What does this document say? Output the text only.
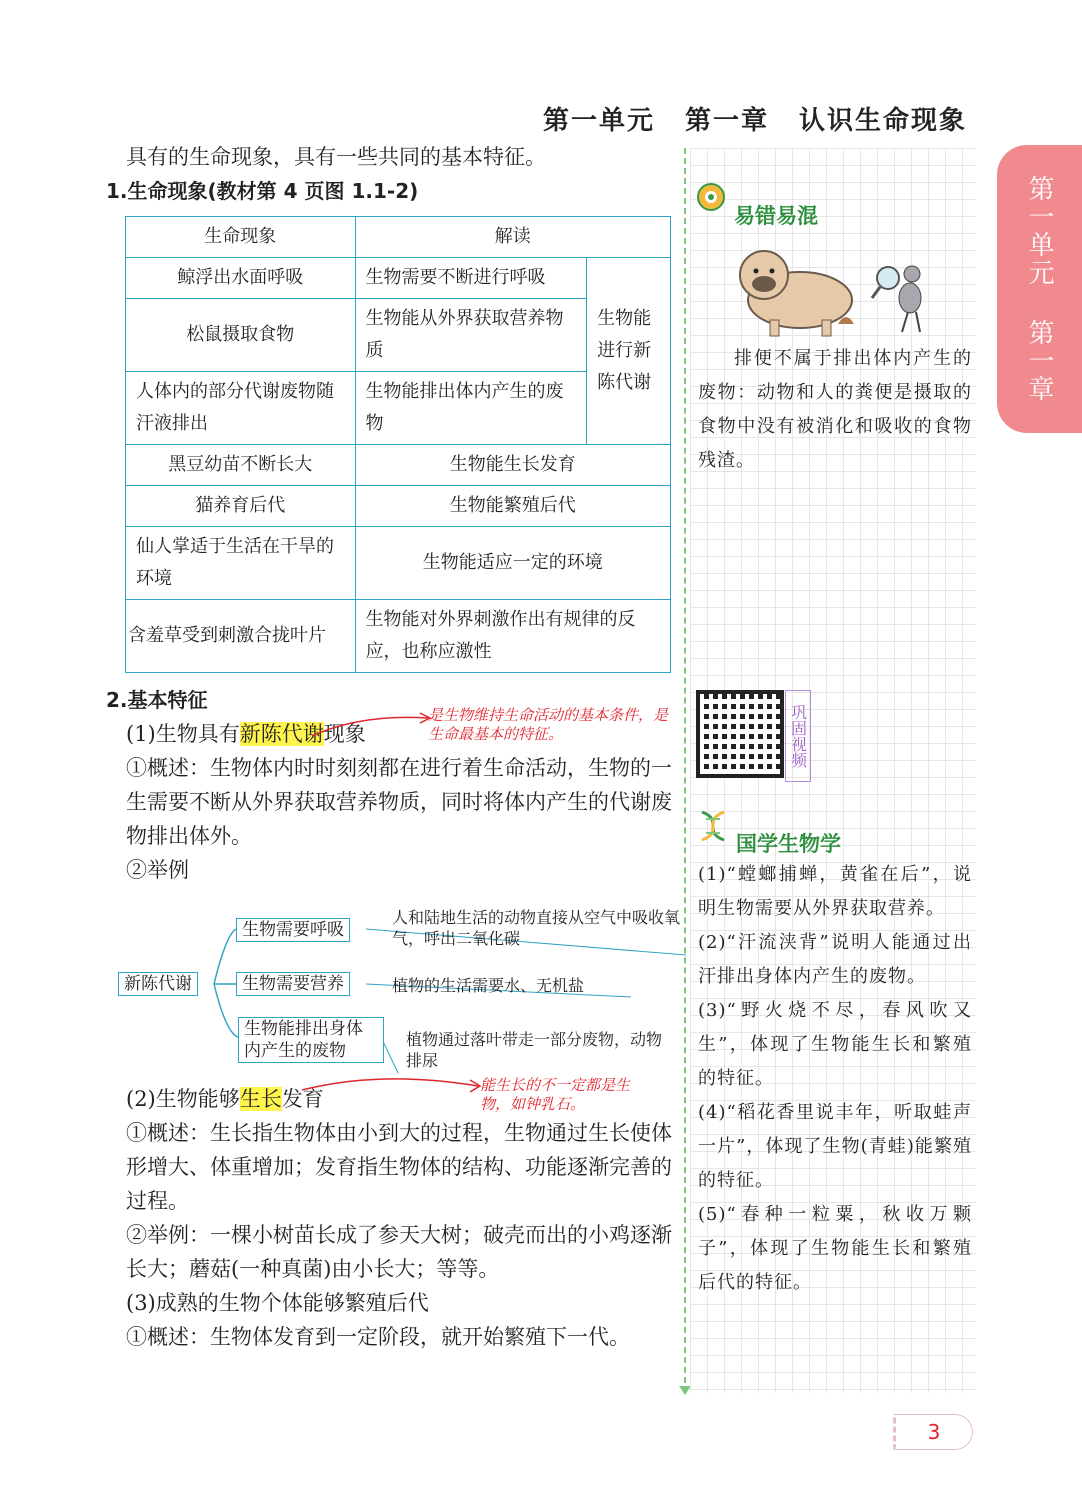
第一单元 第一章 认识生命现象
具有的生命现象，具有一些共同的基本特征。
1.生命现象(教材第 4 页图 1.1-2)
生命现象	解读	
鲸浮出水面呼吸	生物需要不断进行呼吸	生物能进行新陈代谢
松鼠摄取食物	生物能从外界获取营养物质	
人体内的部分代谢废物随汗液排出	生物能排出体内产生的废物	
黑豆幼苗不断长大	生物能生长发育	
猫养育后代	生物能繁殖后代	
仙人掌适于生活在干旱的环境	生物能适应一定的环境	
含羞草受到刺激合拢叶片	生物能对外界刺激作出有规律的反应，也称应激性	
2.基本特征
(1)生物具有新陈代谢现象
①概述：生物体内时时刻刻都在进行着生命活动，生物的一生需要不断从外界获取营养物质，同时将体内产生的代谢废物排出体外。
②举例
是生物维持生命活动的基本条件，是生命最基本的特征。
新陈代谢
生物需要呼吸
人和陆地生活的动物直接从空气中吸收氧气，呼出二氧化碳
生物需要营养	植物的生活需要水、无机盐
生物能排出身体内产生的废物
植物通过落叶带走一部分废物，动物排尿
(2)生物能够生长发育
①概述：生长指生物体由小到大的过程，生物通过生长使体形增大、体重增加；发育指生物体的结构、功能逐渐完善的过程。
②举例：一棵小树苗长成了参天大树；破壳而出的小鸡逐渐长大；蘑菇(一种真菌)由小长大；等等。
(3)成熟的生物个体能够繁殖后代
①概述：生物体发育到一定阶段，就开始繁殖下一代。
能生长的不一定都是生物，如钟乳石。
易错易混
排便不属于排出体内产生的废物：动物和人的粪便是摄取的食物中没有被消化和吸收的食物残渣。
国学生物学
(1)“螳螂捕蝉，黄雀在后”，说明生物需要从外界获取营养。
(2)“汗流浃背”说明人能通过出汗排出身体内产生的废物。
(3)“野火烧不尽，春风吹又生”，体现了生物能生长和繁殖的特征。
(4)“稻花香里说丰年，听取蛙声一片”，体现了生物(青蛙)能繁殖的特征。
(5)“春种一粒粟，秋收万颗子”，体现了生物能生长和繁殖后代的特征。
巩固视频
第一单元 第一章
3
